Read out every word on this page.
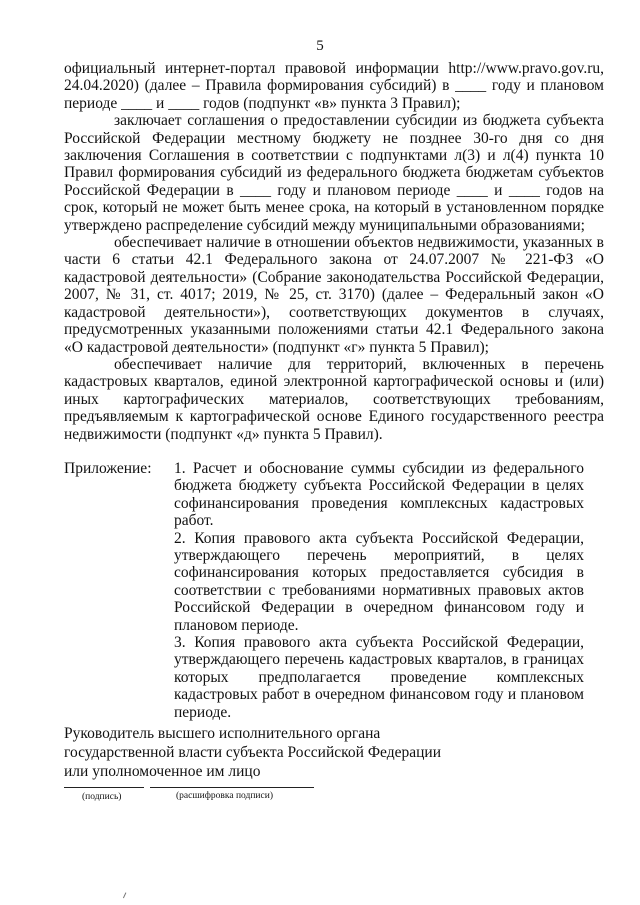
5

официальный интернет-портал правовой информации http://www.pravo.gov.ru, 24.04.2020) (далее – Правила формирования субсидий) в ____ году и плановом периоде ____ и ____ годов (подпункт «в» пункта 3 Правил);

заключает соглашения о предоставлении субсидии из бюджета субъекта Российской Федерации местному бюджету не позднее 30-го дня со дня заключения Соглашения в соответствии с подпунктами л(3) и л(4) пункта 10 Правил формирования субсидий из федерального бюджета бюджетам субъектов Российской Федерации в ____ году и плановом периоде ____ и ____ годов на срок, который не может быть менее срока, на который в установленном порядке утверждено распределение субсидий между муниципальными образованиями;

обеспечивает наличие в отношении объектов недвижимости, указанных в части 6 статьи 42.1 Федерального закона от 24.07.2007 № 221-ФЗ «О кадастровой деятельности» (Собрание законодательства Российской Федерации, 2007, № 31, ст. 4017; 2019, № 25, ст. 3170) (далее – Федеральный закон «О кадастровой деятельности»), соответствующих документов в случаях, предусмотренных указанными положениями статьи 42.1 Федерального закона «О кадастровой деятельности» (подпункт «г» пункта 5 Правил);

обеспечивает наличие для территорий, включенных в перечень кадастровых кварталов, единой электронной картографической основы и (или) иных картографических материалов, соответствующих требованиям, предъявляемым к картографической основе Единого государственного реестра недвижимости (подпункт «д» пункта 5 Правил).

Приложение:	1. Расчет и обоснование суммы субсидии из федерального бюджета бюджету субъекта Российской Федерации в целях софинансирования проведения комплексных кадастровых работ.

2. Копия правового акта субъекта Российской Федерации, утверждающего перечень мероприятий, в целях софинансирования которых предоставляется субсидия в соответствии с требованиями нормативных правовых актов Российской Федерации в очередном финансовом году и плановом периоде.

3. Копия правового акта субъекта Российской Федерации, утверждающего перечень кадастровых кварталов, в границах которых предполагается проведение комплексных кадастровых работ в очередном финансовом году и плановом периоде.

Руководитель высшего исполнительного органа
государственной власти субъекта Российской Федерации
или уполномоченное им лицо
(подпись)	(расшифровка подписи)
